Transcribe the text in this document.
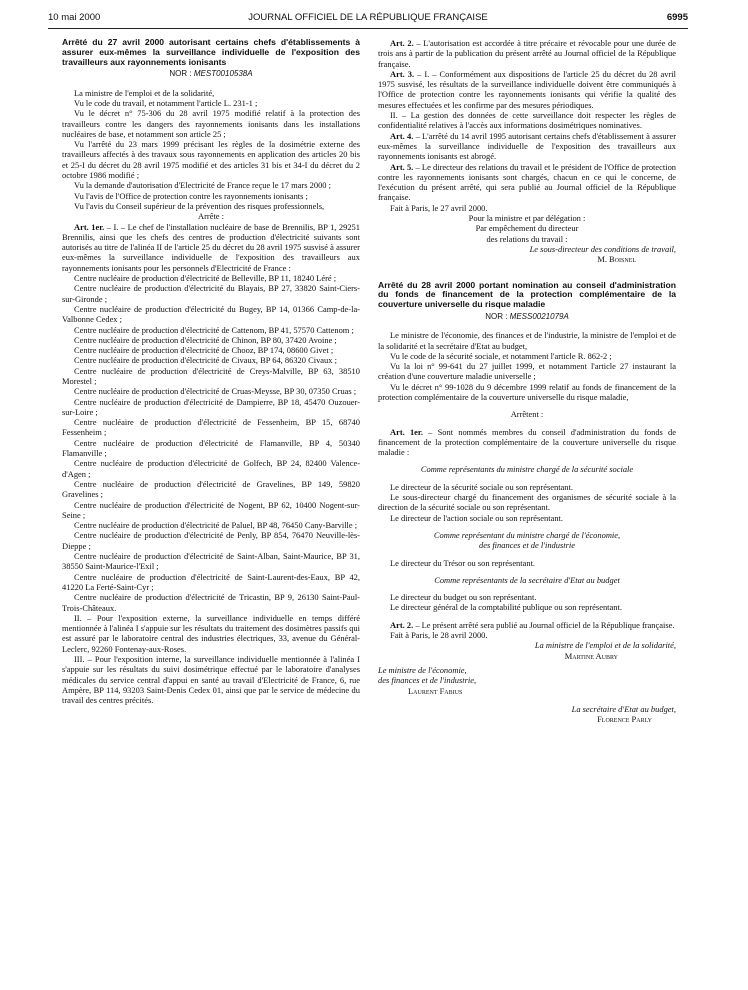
10 mai 2000	JOURNAL OFFICIEL DE LA RÉPUBLIQUE FRANÇAISE	6995
Arrêté du 27 avril 2000 autorisant certains chefs d'établissements à assurer eux-mêmes la surveillance individuelle de l'exposition des travailleurs aux rayonnements ionisants
NOR : MEST0010538A

La ministre de l'emploi et de la solidarité,

Vu le code du travail, et notamment l'article L. 231-1 ;

Vu le décret n° 75-306 du 28 avril 1975 modifié relatif à la protection des travailleurs contre les dangers des rayonnements ionisants dans les installations nucléaires de base, et notamment son article 25 ;

Vu l'arrêté du 23 mars 1999 précisant les règles de la dosimétrie externe des travailleurs affectés à des travaux sous rayonnements en application des articles 20 bis et 25-I du décret du 28 avril 1975 modifié et des articles 31 bis et 34-I du décret du 2 octobre 1986 modifié ;

Vu la demande d'autorisation d'Electricité de France reçue le 17 mars 2000 ;

Vu l'avis de l'Office de protection contre les rayonnements ionisants ;

Vu l'avis du Conseil supérieur de la prévention des risques professionnels,

Arrête :

Art. 1er. – I. – Le chef de l'installation nucléaire de base de Brennilis, BP 1, 29251 Brennilis, ainsi que les chefs des centres de production d'électricité suivants sont autorisés au titre de l'alinéa II de l'article 25 du décret du 28 avril 1975 susvisé à assurer eux-mêmes la surveillance individuelle de l'exposition des travailleurs aux rayonnements ionisants pour les personnels d'Electricité de France :

Centre nucléaire de production d'électricité de Belleville, BP 11, 18240 Léré ;

Centre nucléaire de production d'électricité du Blayais, BP 27, 33820 Saint-Ciers-sur-Gironde ;

Centre nucléaire de production d'électricité du Bugey, BP 14, 01366 Camp-de-la-Valbonne Cedex ;

Centre nucléaire de production d'électricité de Cattenom, BP 41, 57570 Cattenom ;

Centre nucléaire de production d'électricité de Chinon, BP 80, 37420 Avoine ;

Centre nucléaire de production d'électricité de Chooz, BP 174, 08600 Givet ;

Centre nucléaire de production d'électricité de Civaux, BP 64, 86320 Civaux ;

Centre nucléaire de production d'électricité de Creys-Malville, BP 63, 38510 Morestel ;

Centre nucléaire de production d'électricité de Cruas-Meysse, BP 30, 07350 Cruas ;

Centre nucléaire de production d'électricité de Dampierre, BP 18, 45470 Ouzouer-sur-Loire ;

Centre nucléaire de production d'électricité de Fessenheim, BP 15, 68740 Fessenheim ;

Centre nucléaire de production d'électricité de Flamanville, BP 4, 50340 Flamanville ;

Centre nucléaire de production d'électricité de Golfech, BP 24, 82400 Valence-d'Agen ;

Centre nucléaire de production d'électricité de Gravelines, BP 149, 59820 Gravelines ;

Centre nucléaire de production d'électricité de Nogent, BP 62, 10400 Nogent-sur-Seine ;

Centre nucléaire de production d'électricité de Paluel, BP 48, 76450 Cany-Barville ;

Centre nucléaire de production d'électricité de Penly, BP 854, 76470 Neuville-lès-Dieppe ;

Centre nucléaire de production d'électricité de Saint-Alban, Saint-Maurice, BP 31, 38550 Saint-Maurice-l'Exil ;

Centre nucléaire de production d'électricité de Saint-Laurent-des-Eaux, BP 42, 41220 La Ferté-Saint-Cyr ;

Centre nucléaire de production d'électricité de Tricastin, BP 9, 26130 Saint-Paul-Trois-Châteaux.

II. – Pour l'exposition externe, la surveillance individuelle en temps différé mentionnée à l'alinéa I s'appuie sur les résultats du traitement des dosimètres passifs qui est assuré par le laboratoire central des industries électriques, 33, avenue du Général-Leclerc, 92260 Fontenay-aux-Roses.

III. – Pour l'exposition interne, la surveillance individuelle mentionnée à l'alinéa I s'appuie sur les résultats du suivi dosimétrique effectué par le laboratoire d'analyses médicales du service central d'appui en santé au travail d'Electricité de France, 6, rue Ampère, BP 114, 93203 Saint-Denis Cedex 01, ainsi que par le service de médecine du travail des centres précités.

Art. 2. – L'autorisation est accordée à titre précaire et révocable pour une durée de trois ans à partir de la publication du présent arrêté au Journal officiel de la République française.

Art. 3. – I. – Conformément aux dispositions de l'article 25 du décret du 28 avril 1975 susvisé, les résultats de la surveillance individuelle doivent être communiqués à l'Office de protection contre les rayonnements ionisants qui vérifie la qualité des mesures effectuées et les confirme par des mesures périodiques.

II. – La gestion des données de cette surveillance doit respecter les règles de confidentialité relatives à l'accès aux informations dosimétriques nominatives.

Art. 4. – L'arrêté du 14 avril 1995 autorisant certains chefs d'établissement à assurer eux-mêmes la surveillance individuelle de l'exposition des travailleurs aux rayonnements ionisants est abrogé.

Art. 5. – Le directeur des relations du travail et le président de l'Office de protection contre les rayonnements ionisants sont chargés, chacun en ce qui le concerne, de l'exécution du présent arrêté, qui sera publié au Journal officiel de la République française.

Fait à Paris, le 27 avril 2000.

Pour la ministre et par délégation :

Par empêchement du directeur

des relations du travail :

Le sous-directeur des conditions de travail,

M. Boisnel

Arrêté du 28 avril 2000 portant nomination au conseil d'administration du fonds de financement de la protection complémentaire de la couverture universelle du risque maladie
NOR : MESS0021079A

Le ministre de l'économie, des finances et de l'industrie, la ministre de l'emploi et de la solidarité et la secrétaire d'Etat au budget,

Vu le code de la sécurité sociale, et notamment l'article R. 862-2 ;

Vu la loi n° 99-641 du 27 juillet 1999, et notamment l'article 27 instaurant la création d'une couverture maladie universelle ;

Vu le décret n° 99-1028 du 9 décembre 1999 relatif au fonds de financement de la protection complémentaire de la couverture universelle du risque maladie,

Arrêtent :

Art. 1er. – Sont nommés membres du conseil d'administration du fonds de financement de la protection complémentaire de la couverture universelle du risque maladie :

Comme représentants du ministre chargé de la sécurité sociale

Le directeur de la sécurité sociale ou son représentant.

Le sous-directeur chargé du financement des organismes de sécurité sociale à la direction de la sécurité sociale ou son représentant.

Le directeur de l'action sociale ou son représentant.

Comme représentant du ministre chargé de l'économie,

des finances et de l'industrie

Le directeur du Trésor ou son représentant.

Comme représentants de la secrétaire d'Etat au budget

Le directeur du budget ou son représentant.

Le directeur général de la comptabilité publique ou son représentant.

Art. 2. – Le présent arrêté sera publié au Journal officiel de la République française.

Fait à Paris, le 28 avril 2000.

La ministre de l'emploi et de la solidarité,

Martine Aubry

Le ministre de l'économie,

des finances et de l'industrie,

Laurent Fabius

La secrétaire d'Etat au budget,

Florence Parly
